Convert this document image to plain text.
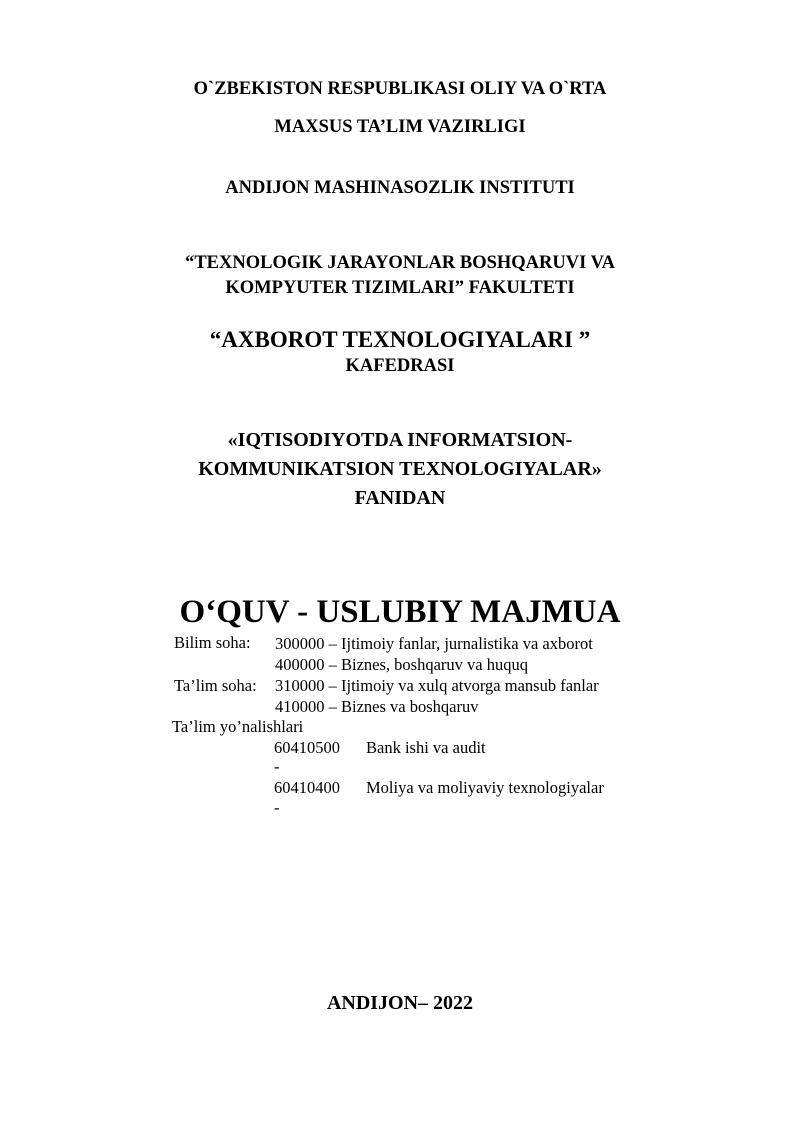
O`ZBEKISTON RESPUBLIKASI OLIY VA O`RTA
MAXSUS TA’LIM VAZIRLIGI
ANDIJON MASHINASOZLIK INSTITUTI
“TEXNOLOGIK JARAYONLAR BOSHQARUVI VA
KOMPYUTER TIZIMLARI” FAKULTETI
“AXBOROT TEXNOLOGIYALARI ”
KAFEDRASI
«IQTISODIYOTDA INFORMATSION-
KOMMUNIKATSION TEXNOLOGIYALAR»
FANIDAN
O‘QUV - USLUBIY MAJMUA
Bilim soha: 300000 – Ijtimoiy fanlar, jurnalistika va axborot
400000 – Biznes, boshqaruv va huquq
Ta’lim soha: 310000 – Ijtimoiy va xulq atvorga mansub fanlar
410000 – Biznes va boshqaruv
Ta’lim yo’nalishlari
60410500 Bank ishi va audit
-
60410400 Moliya va moliyaviy texnologiyalar
-
ANDIJON– 2022
